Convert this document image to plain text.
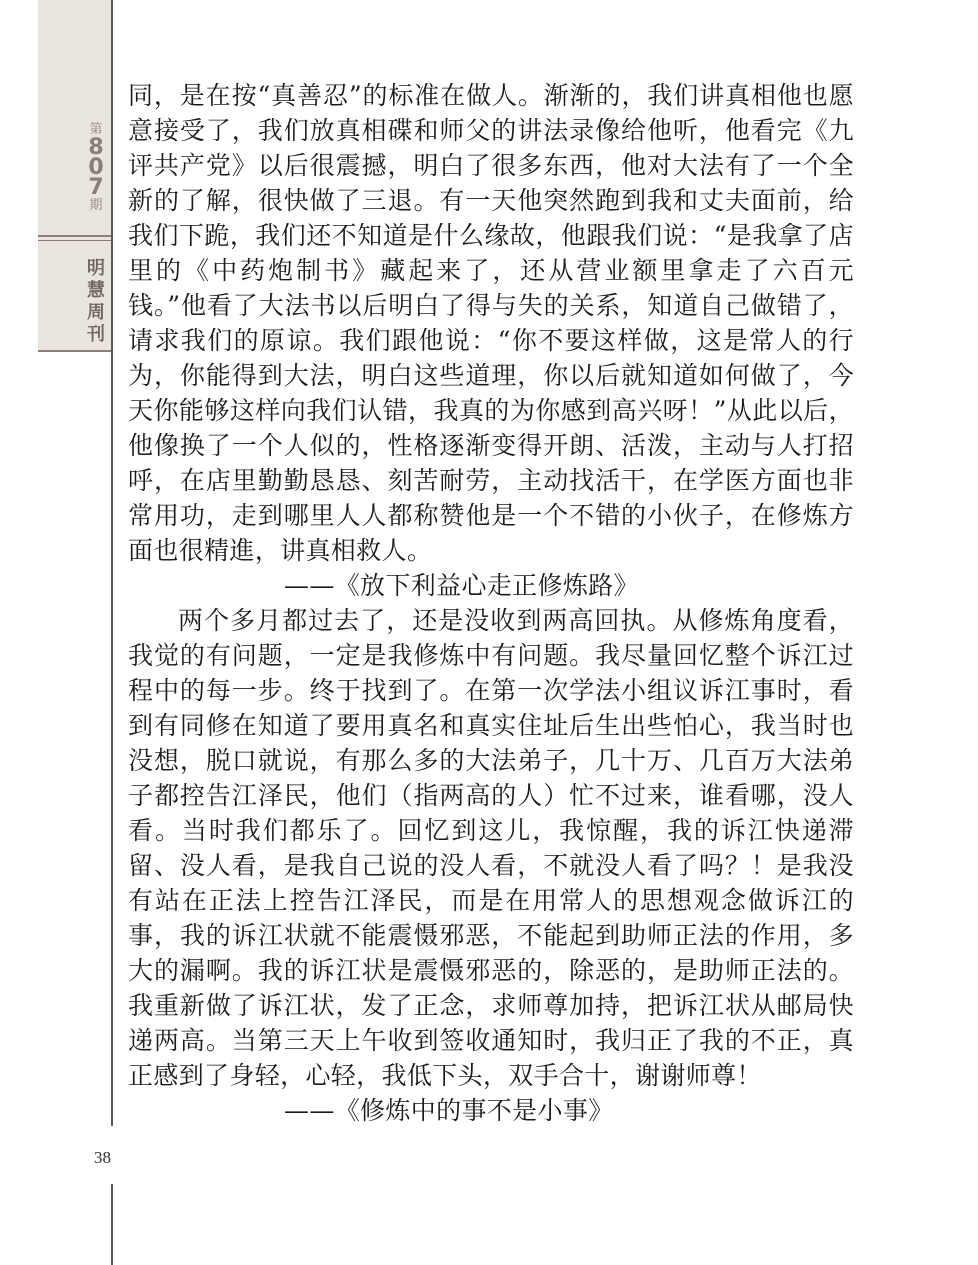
第
8
0
7
期
明
慧
周
刊
38

同，是在按“真善忍”的标准在做人。渐渐的，我们讲真相他也愿意接受了，我们放真相碟和师父的讲法录像给他听，他看完《九评共产党》以后很震撼，明白了很多东西，他对大法有了一个全新的了解，很快做了三退。有一天他突然跑到我和丈夫面前，给我们下跪，我们还不知道是什么缘故，他跟我们说：“是我拿了店里的《中药炮制书》藏起来了，还从营业额里拿走了六百元钱。”他看了大法书以后明白了得与失的关系，知道自己做错了，请求我们的原谅。我们跟他说：“你不要这样做，这是常人的行为，你能得到大法，明白这些道理，你以后就知道如何做了，今天你能够这样向我们认错，我真的为你感到高兴呀！”从此以后，他像换了一个人似的，性格逐渐变得开朗、活泼，主动与人打招呼，在店里勤勤恳恳、刻苦耐劳，主动找活干，在学医方面也非常用功，走到哪里人人都称赞他是一个不错的小伙子，在修炼方面也很精進，讲真相救人。

——《放下利益心走正修炼路》

两个多月都过去了，还是没收到两高回执。从修炼角度看，我觉的有问题，一定是我修炼中有问题。我尽量回忆整个诉江过程中的每一步。终于找到了。在第一次学法小组议诉江事时，看到有同修在知道了要用真名和真实住址后生出些怕心，我当时也没想，脱口就说，有那么多的大法弟子，几十万、几百万大法弟子都控告江泽民，他们（指两高的人）忙不过来，谁看哪，没人看。当时我们都乐了。回忆到这儿，我惊醒，我的诉江快递滞留、没人看，是我自己说的没人看，不就没人看了吗？！是我没有站在正法上控告江泽民，而是在用常人的思想观念做诉江的事，我的诉江状就不能震慑邪恶，不能起到助师正法的作用，多大的漏啊。我的诉江状是震慑邪恶的，除恶的，是助师正法的。我重新做了诉江状，发了正念，求师尊加持，把诉江状从邮局快递两高。当第三天上午收到签收通知时，我归正了我的不正，真正感到了身轻，心轻，我低下头，双手合十，谢谢师尊！

——《修炼中的事不是小事》
